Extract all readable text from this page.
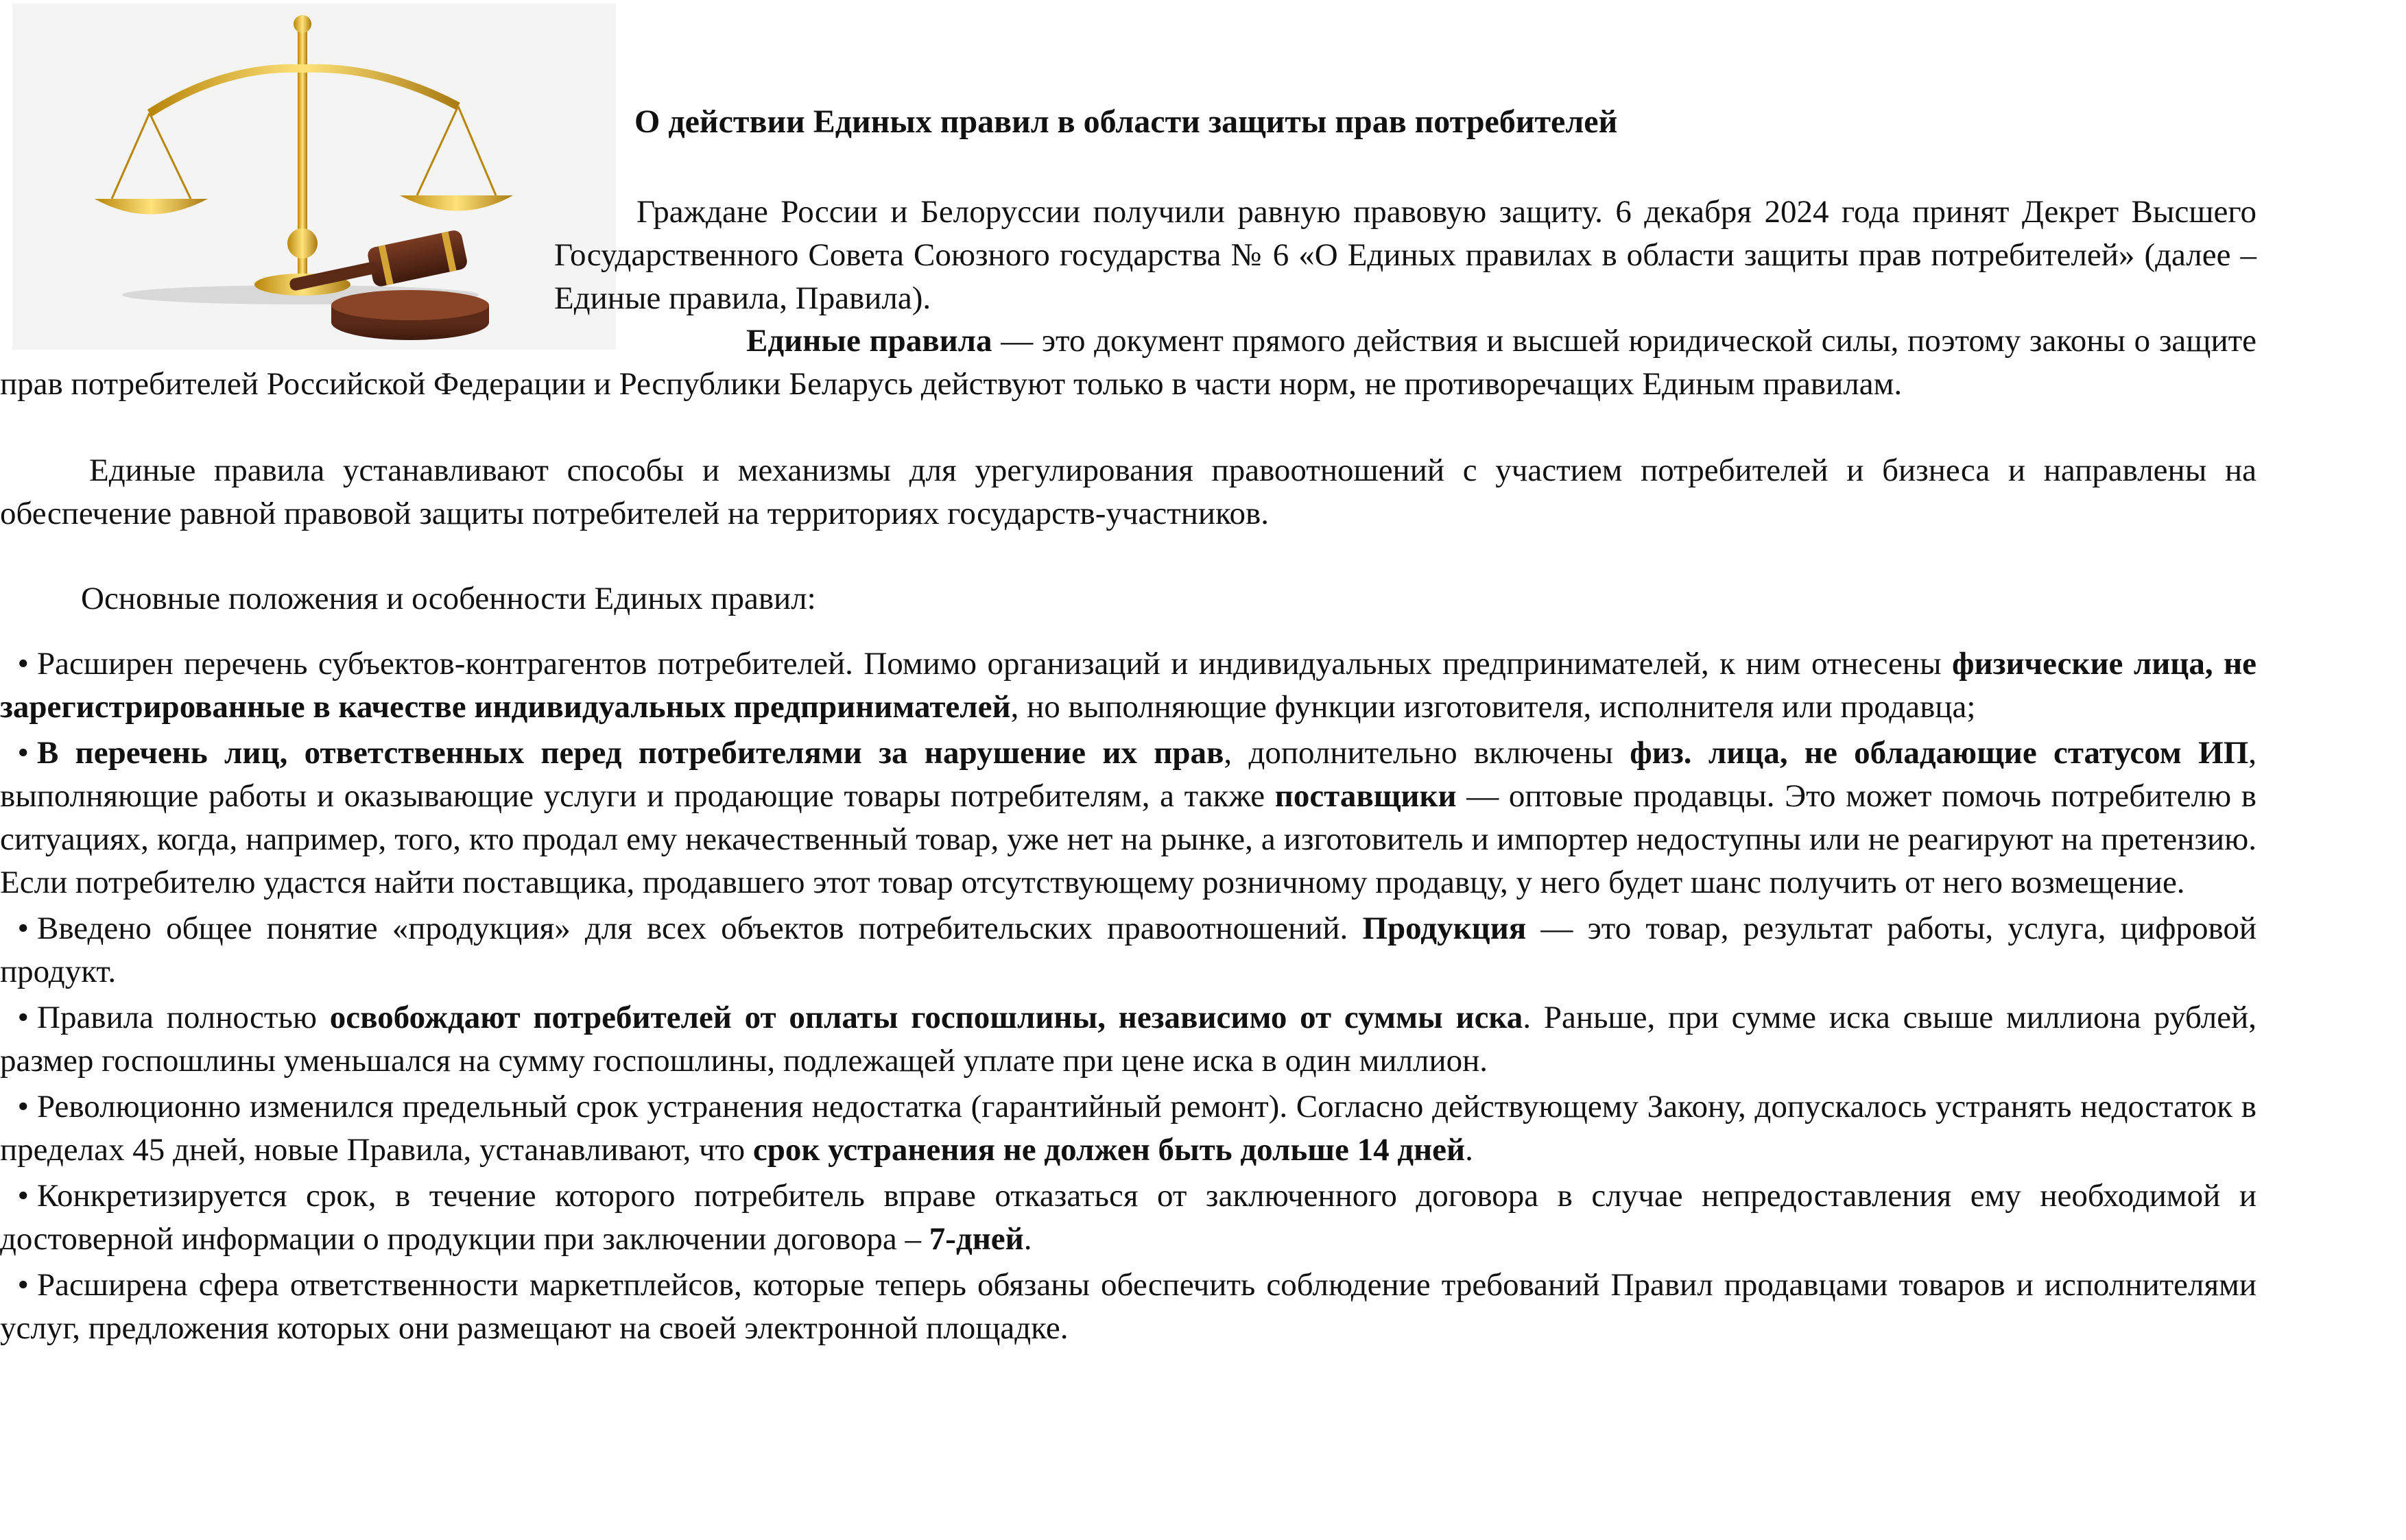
О действии Единых правил в области защиты прав потребителей
Граждане России и Белоруссии получили равную правовую защиту. 6 декабря 2024 года принят Декрет Высшего Государственного Совета Союзного государства № 6 «О Единых правилах в области защиты прав потребителей» (далее – Единые правила, Правила).
Единые правила — это документ прямого действия и высшей юридической силы, поэтому законы о защите прав потребителей Российской Федерации и Республики Беларусь действуют только в части норм, не противоречащих Единым правилам.
Единые правила устанавливают способы и механизмы для урегулирования правоотношений с участием потребителей и бизнеса и направлены на обеспечение равной правовой защиты потребителей на территориях государств-участников.
Основные положения и особенности Единых правил:
• Расширен перечень субъектов-контрагентов потребителей. Помимо организаций и индивидуальных предпринимателей, к ним отнесены физические лица, не зарегистрированные в качестве индивидуальных предпринимателей, но выполняющие функции изготовителя, исполнителя или продавца;
• В перечень лиц, ответственных перед потребителями за нарушение их прав, дополнительно включены физ. лица, не обладающие статусом ИП, выполняющие работы и оказывающие услуги и продающие товары потребителям, а также поставщики — оптовые продавцы. Это может помочь потребителю в ситуациях, когда, например, того, кто продал ему некачественный товар, уже нет на рынке, а изготовитель и импортер недоступны или не реагируют на претензию. Если потребителю удастся найти поставщика, продавшего этот товар отсутствующему розничному продавцу, у него будет шанс получить от него возмещение.
• Введено общее понятие «продукция» для всех объектов потребительских правоотношений. Продукция — это товар, результат работы, услуга, цифровой продукт.
• Правила полностью освобождают потребителей от оплаты госпошлины, независимо от суммы иска. Раньше, при сумме иска свыше миллиона рублей, размер госпошлины уменьшался на сумму госпошлины, подлежащей уплате при цене иска в один миллион.
• Революционно изменился предельный срок устранения недостатка (гарантийный ремонт). Согласно действующему Закону, допускалось устранять недостаток в пределах 45 дней, новые Правила, устанавливают, что срок устранения не должен быть дольше 14 дней.
• Конкретизируется срок, в течение которого потребитель вправе отказаться от заключенного договора в случае непредоставления ему необходимой и достоверной информации о продукции при заключении договора – 7-дней.
• Расширена сфера ответственности маркетплейсов, которые теперь обязаны обеспечить соблюдение требований Правил продавцами товаров и исполнителями услуг, предложения которых они размещают на своей электронной площадке.
